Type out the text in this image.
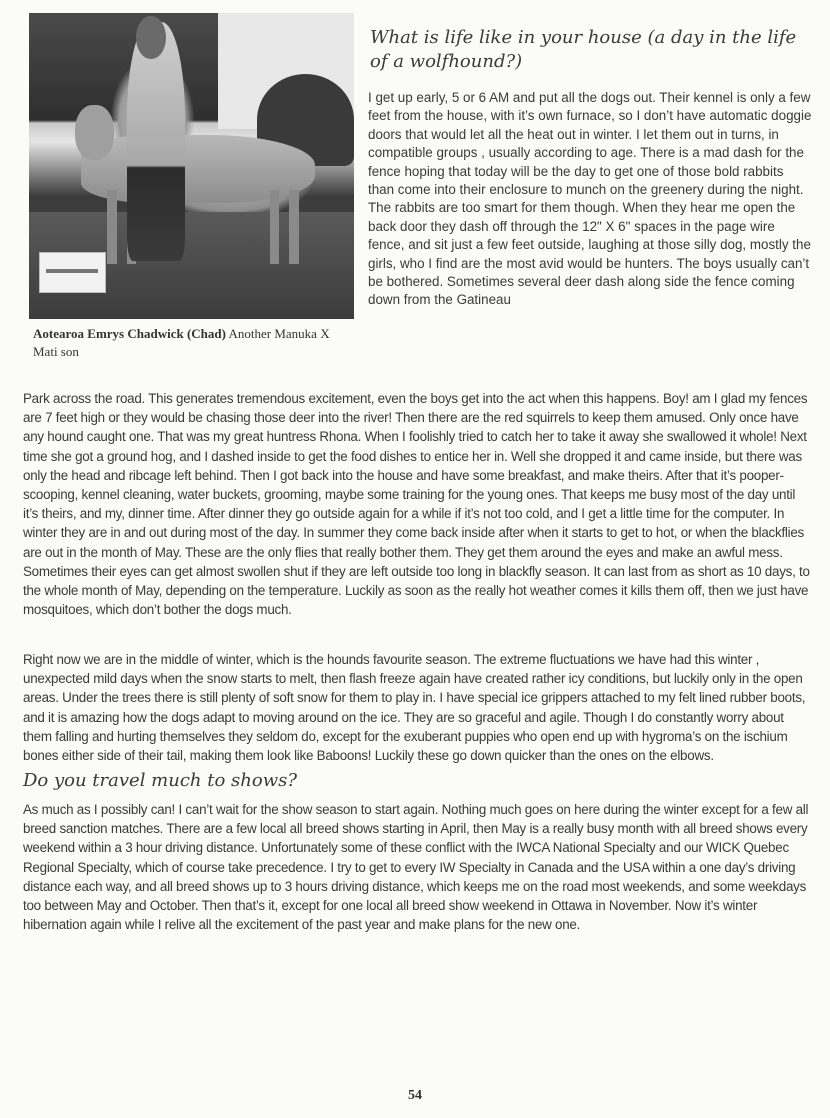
Aotearoa Emrys Chadwick (Chad) Another Manuka X Mati son
What is life like in your house (a day in the life of a wolfhound?)

I get up early, 5 or 6 AM and put all the dogs out. Their kennel is only a few feet from the house, with it’s own furnace, so I don’t have automatic doggie doors that would let all the heat out in winter. I let them out in turns, in compatible groups , usually according to age. There is a mad dash for the fence hoping that today will be the day to get one of those bold rabbits than come into their enclosure to munch on the greenery during the night. The rabbits are too smart for them though. When they hear me open the back door they dash off through the 12" X 6" spaces in the page wire fence, and sit just a few feet outside, laughing at those silly dog, mostly the girls, who I find are the most avid would be hunters. The boys usually can’t be bothered. Sometimes several deer dash along side the fence coming down from the Gatineau

Park across the road. This generates tremendous excitement, even the boys get into the act when this happens. Boy! am I glad my fences are 7 feet high or they would be chasing those deer into the river! Then there are the red squirrels to keep them amused. Only once have any hound caught one. That was my great huntress Rhona. When I foolishly tried to catch her to take it away she swallowed it whole! Next time she got a ground hog, and I dashed inside to get the food dishes to entice her in. Well she dropped it and came inside, but there was only the head and ribcage left behind. Then I got back into the house and have some breakfast, and make theirs. After that it’s pooper-scooping, kennel cleaning, water buckets, grooming, maybe some training for the young ones. That keeps me busy most of the day until it’s theirs, and my, dinner time. After dinner they go outside again for a while if it’s not too cold, and I get a little time for the computer. In winter they are in and out during most of the day. In summer they come back inside after when it starts to get to hot, or when the blackflies are out in the month of May. These are the only flies that really bother them. They get them around the eyes and make an awful mess. Sometimes their eyes can get almost swollen shut if they are left outside too long in blackfly season. It can last from as short as 10 days, to the whole month of May, depending on the temperature. Luckily as soon as the really hot weather comes it kills them off, then we just have mosquitoes, which don’t bother the dogs much.

Right now we are in the middle of winter, which is the hounds favourite season. The extreme fluctuations we have had this winter , unexpected mild days when the snow starts to melt, then flash freeze again have created rather icy conditions, but luckily only in the open areas. Under the trees there is still plenty of soft snow for them to play in. I have special ice grippers attached to my felt lined rubber boots, and it is amazing how the dogs adapt to moving around on the ice. They are so graceful and agile. Though I do constantly worry about them falling and hurting themselves they seldom do, except for the exuberant puppies who open end up with hygroma’s on the ischium bones either side of their tail, making them look like Baboons! Luckily these go down quicker than the ones on the elbows.

Do you travel much to shows?

As much as I possibly can! I can’t wait for the show season to start again. Nothing much goes on here during the winter except for a few all breed sanction matches. There are a few local all breed shows starting in April, then May is a really busy month with all breed shows every weekend within a 3 hour driving distance. Unfortunately some of these conflict with the IWCA National Specialty and our WICK Quebec Regional Specialty, which of course take precedence. I try to get to every IW Specialty in Canada and the USA within a one day’s driving distance each way, and all breed shows up to 3 hours driving distance, which keeps me on the road most weekends, and some weekdays too between May and October. Then that’s it, except for one local all breed show weekend in Ottawa in November. Now it’s winter hibernation again while I relive all the excitement of the past year and make plans for the new one.

54
